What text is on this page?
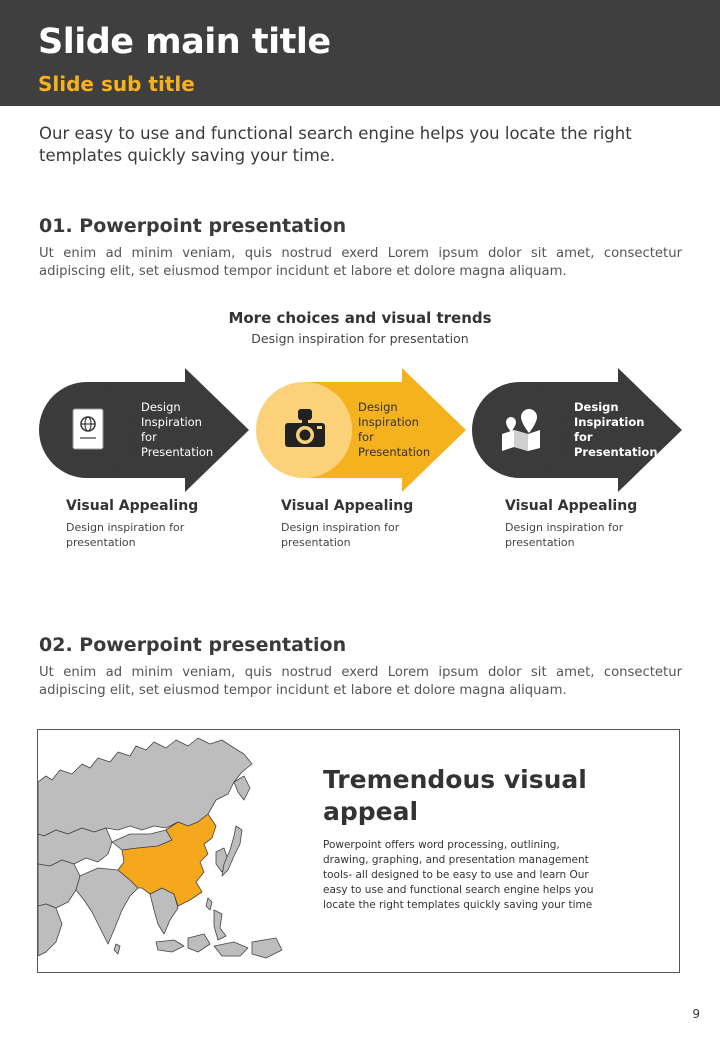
Slide main title
Slide sub title
Our easy to use and functional search engine helps you locate the right templates quickly saving your time.
01. Powerpoint presentation
Ut enim ad minim veniam, quis nostrud exerd Lorem ipsum dolor sit amet, consectetur adipiscing elit, set eiusmod tempor incidunt et labore et dolore magna aliquam.
More choices and visual trends
Design inspiration for presentation
Design Inspiration for Presentation
Design Inspiration for Presentation
Design Inspiration for Presentation
Visual Appealing
Design inspiration for presentation
Visual Appealing
Design inspiration for presentation
Visual Appealing
Design inspiration for presentation
02. Powerpoint presentation
Ut enim ad minim veniam, quis nostrud exerd Lorem ipsum dolor sit amet, consectetur adipiscing elit, set eiusmod tempor incidunt et labore et dolore magna aliquam.
Tremendous visual appeal
Powerpoint offers word processing, outlining, drawing, graphing, and presentation management tools- all designed to be easy to use and learn Our easy to use and functional search engine helps you locate the right templates quickly saving your time
9
